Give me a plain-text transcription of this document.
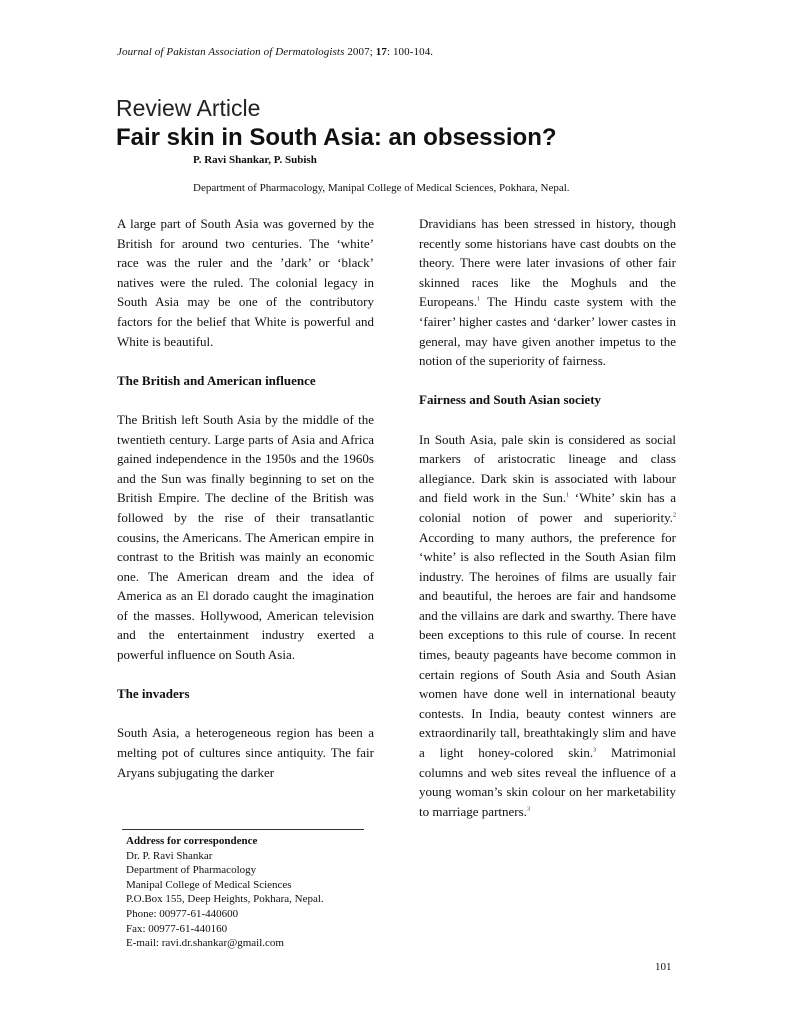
Journal of Pakistan Association of Dermatologists 2007; 17: 100-104.
Review Article
Fair skin in South Asia: an obsession?
P. Ravi Shankar, P. Subish
Department of Pharmacology, Manipal College of Medical Sciences, Pokhara, Nepal.

A large part of South Asia was governed by the British for around two centuries. The ‘white’ race was the ruler and the ’dark’ or ‘black’ natives were the ruled. The colonial legacy in South Asia may be one of the contributory factors for the belief that White is powerful and White is beautiful.

The British and American influence

The British left South Asia by the middle of the twentieth century. Large parts of Asia and Africa gained independence in the 1950s and the 1960s and the Sun was finally beginning to set on the British Empire. The decline of the British was followed by the rise of their transatlantic cousins, the Americans. The American empire in contrast to the British was mainly an economic one. The American dream and the idea of America as an El dorado caught the imagination of the masses. Hollywood, American television and the entertainment industry exerted a powerful influence on South Asia.

The invaders

South Asia, a heterogeneous region has been a melting pot of cultures since antiquity. The fair Aryans subjugating the darker

Dravidians has been stressed in history, though recently some historians have cast doubts on the theory. There were later invasions of other fair skinned races like the Moghuls and the Europeans.$^1$ The Hindu caste system with the ‘fairer’ higher castes and ‘darker’ lower castes in general, may have given another impetus to the notion of the superiority of fairness.

Fairness and South Asian society

In South Asia, pale skin is considered as social markers of aristocratic lineage and class allegiance. Dark skin is associated with labour and field work in the Sun.$^1$ ‘White’ skin has a colonial notion of power and superiority.$^2$ According to many authors, the preference for ‘white’ is also reflected in the South Asian film industry. The heroines of films are usually fair and beautiful, the heroes are fair and handsome and the villains are dark and swarthy. There have been exceptions to this rule of course. In recent times, beauty pageants have become common in certain regions of South Asia and South Asian women have done well in international beauty contests. In India, beauty contest winners are extraordinarily tall, breathtakingly slim and have a light honey-colored skin.$^3$ Matrimonial columns and web sites reveal the influence of a young woman’s skin colour on her marketability to marriage partners.$^3$

Address for correspondence
Dr. P. Ravi Shankar
Department of Pharmacology
Manipal College of Medical Sciences
P.O.Box 155, Deep Heights, Pokhara, Nepal.
Phone: 00977-61-440600
Fax: 00977-61-440160
E-mail: ravi.dr.shankar@gmail.com
101
